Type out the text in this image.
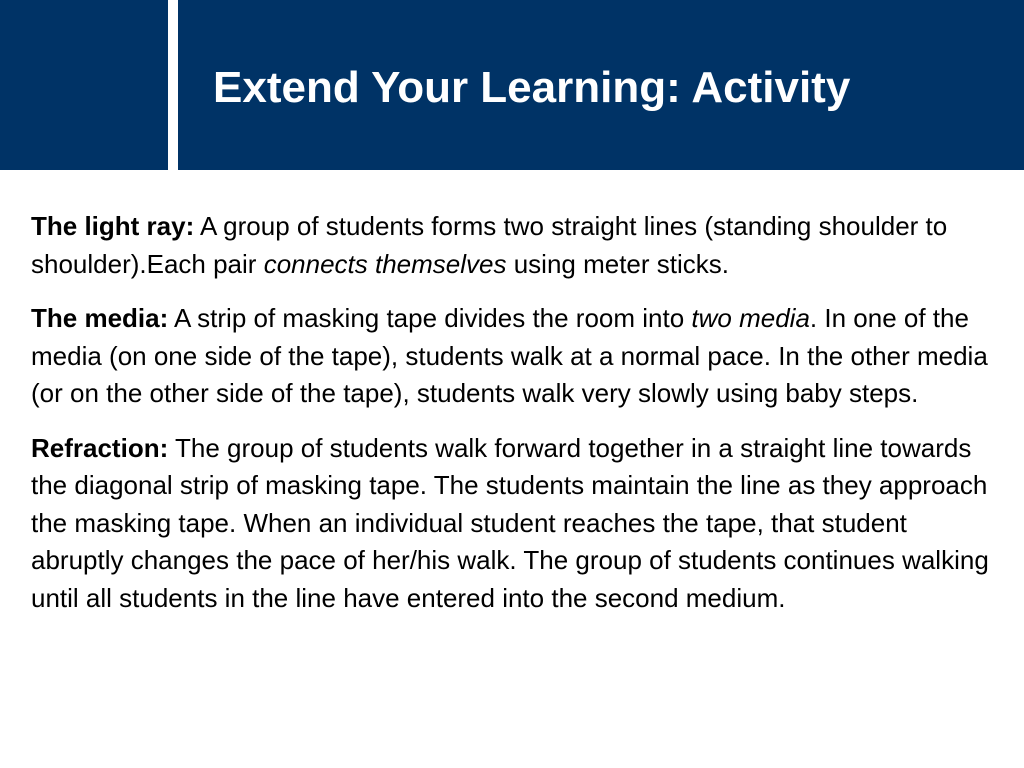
Extend Your Learning: Activity

The light ray: A group of students forms two straight lines (standing shoulder to shoulder).Each pair connects themselves using meter sticks.

The media: A strip of masking tape divides the room into two media. In one of the media (on one side of the tape), students walk at a normal pace. In the other media (or on the other side of the tape), students walk very slowly using baby steps.

Refraction: The group of students walk forward together in a straight line towards the diagonal strip of masking tape. The students maintain the line as they approach the masking tape. When an individual student reaches the tape, that student abruptly changes the pace of her/his walk. The group of students continues walking until all students in the line have entered into the second medium.
